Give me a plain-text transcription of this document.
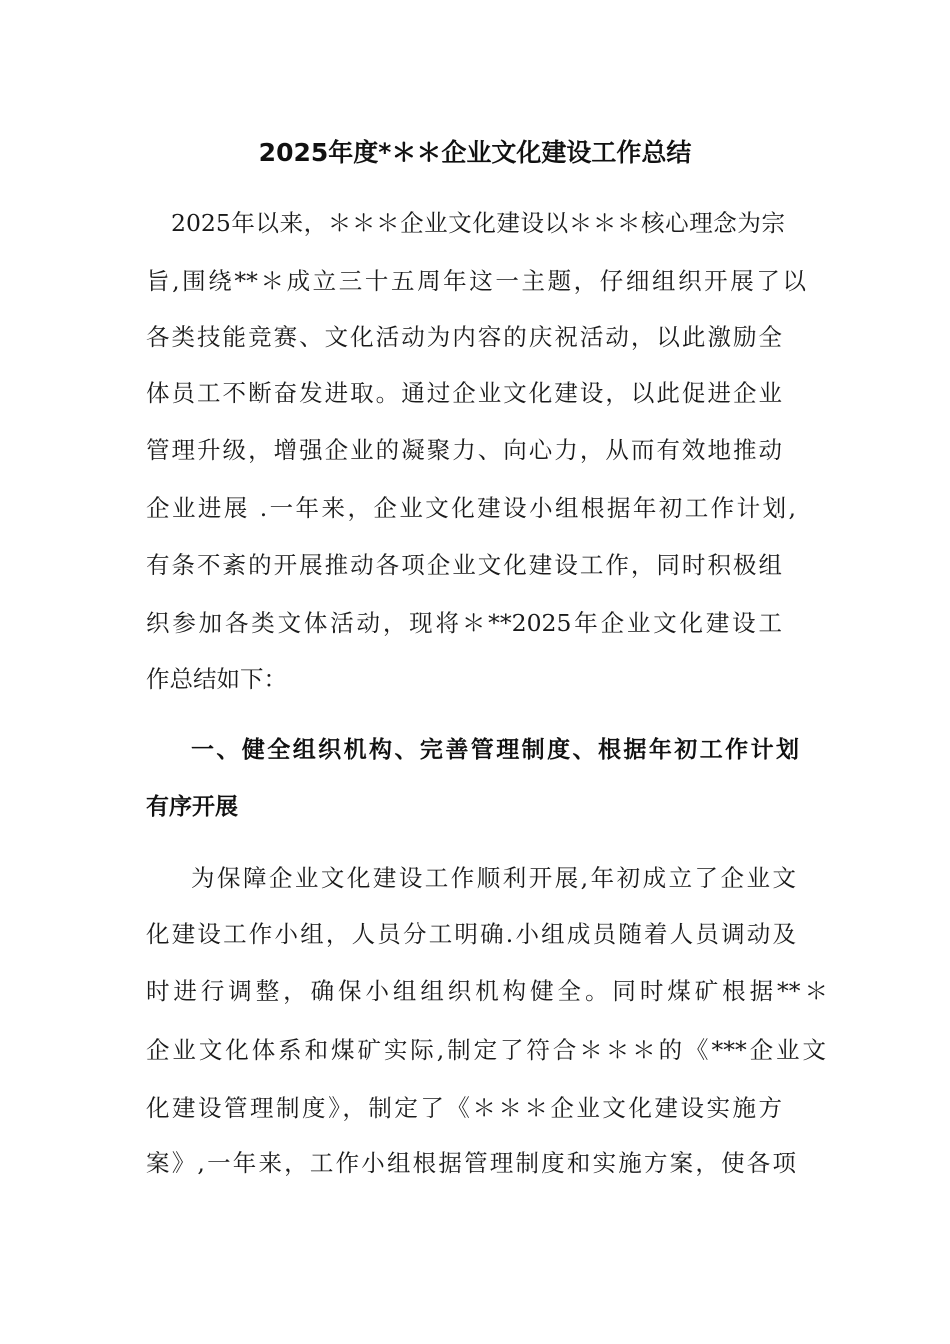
2025年度*＊＊企业文化建设工作总结
2025年以来，＊＊＊企业文化建设以＊＊＊核心理念为宗
旨,围绕**＊成立三十五周年这一主题，仔细组织开展了以
各类技能竞赛、文化活动为内容的庆祝活动，以此激励全
体员工不断奋发进取。通过企业文化建设，以此促进企业
管理升级，增强企业的凝聚力、向心力，从而有效地推动
企业进展 .一年来，企业文化建设小组根据年初工作计划,
有条不紊的开展推动各项企业文化建设工作，同时积极组
织参加各类文体活动，现将＊**2025年企业文化建设工
作总结如下：
一、健全组织机构、完善管理制度、根据年初工作计划
有序开展
为保障企业文化建设工作顺利开展,年初成立了企业文
化建设工作小组，人员分工明确.小组成员随着人员调动及
时进行调整，确保小组组织机构健全。同时煤矿根据**＊
企业文化体系和煤矿实际,制定了符合＊＊＊的《***企业文
化建设管理制度》，制定了《＊＊＊企业文化建设实施方
案》,一年来，工作小组根据管理制度和实施方案，使各项
